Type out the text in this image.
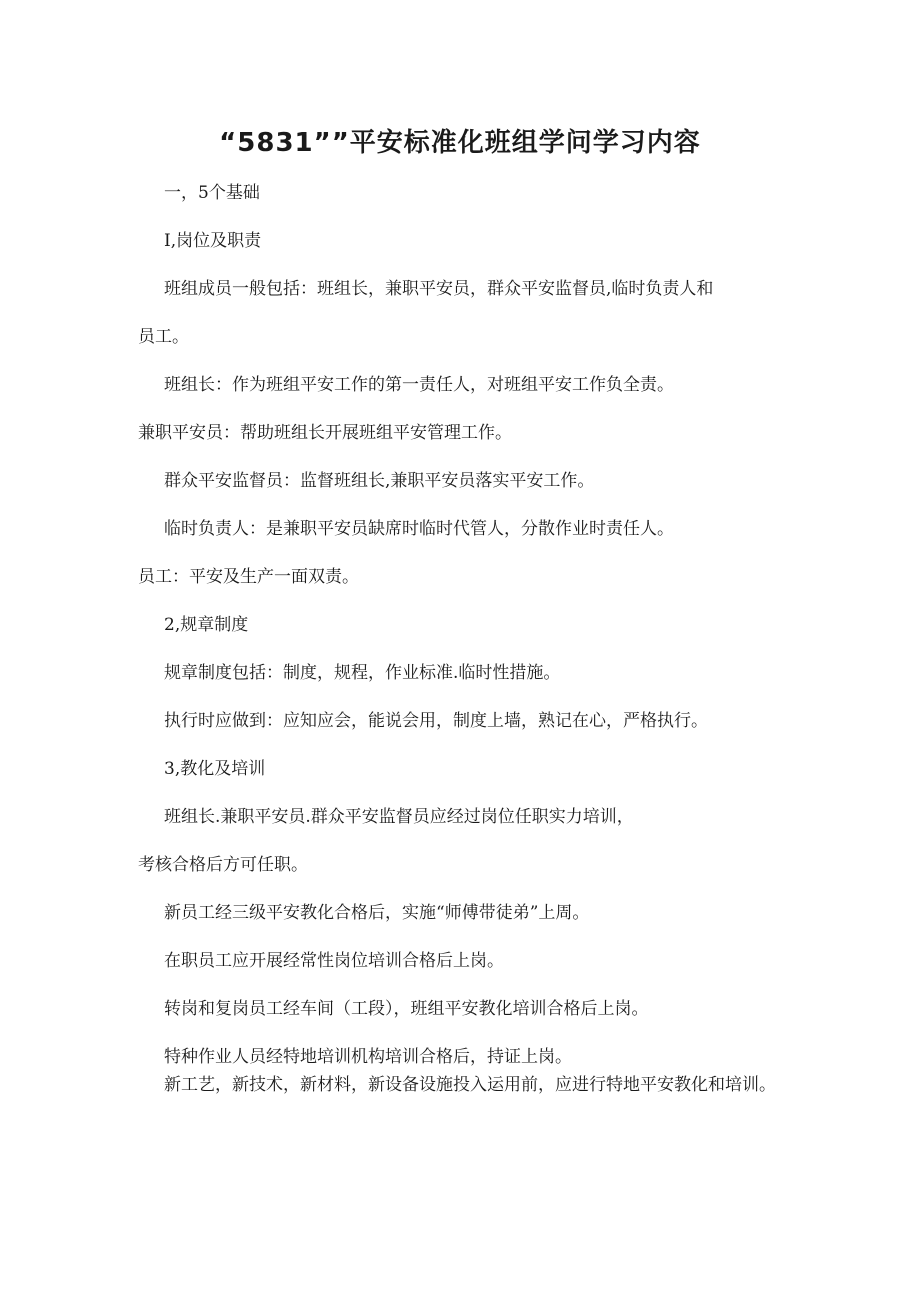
“5831””平安标准化班组学问学习内容

一，5个基础

I,岗位及职责

班组成员一般包括：班组长，兼职平安员，群众平安监督员,临时负责人和

员工。

班组长：作为班组平安工作的第一责任人，对班组平安工作负全责。

兼职平安员：帮助班组长开展班组平安管理工作。

群众平安监督员：监督班组长,兼职平安员落实平安工作。

临时负责人：是兼职平安员缺席时临时代管人，分散作业时责任人。

员工：平安及生产一面双责。

2,规章制度

规章制度包括：制度，规程，作业标准.临时性措施。

执行时应做到：应知应会，能说会用，制度上墙，熟记在心，严格执行。

3,教化及培训

班组长.兼职平安员.群众平安监督员应经过岗位任职实力培训，

考核合格后方可任职。

新员工经三级平安教化合格后，实施“师傅带徒弟”上周。

在职员工应开展经常性岗位培训合格后上岗。

转岗和复岗员工经车间（工段），班组平安教化培训合格后上岗。

特种作业人员经特地培训机构培训合格后，持证上岗。

新工艺，新技术，新材料，新设备设施投入运用前，应进行特地平安教化和培训。
